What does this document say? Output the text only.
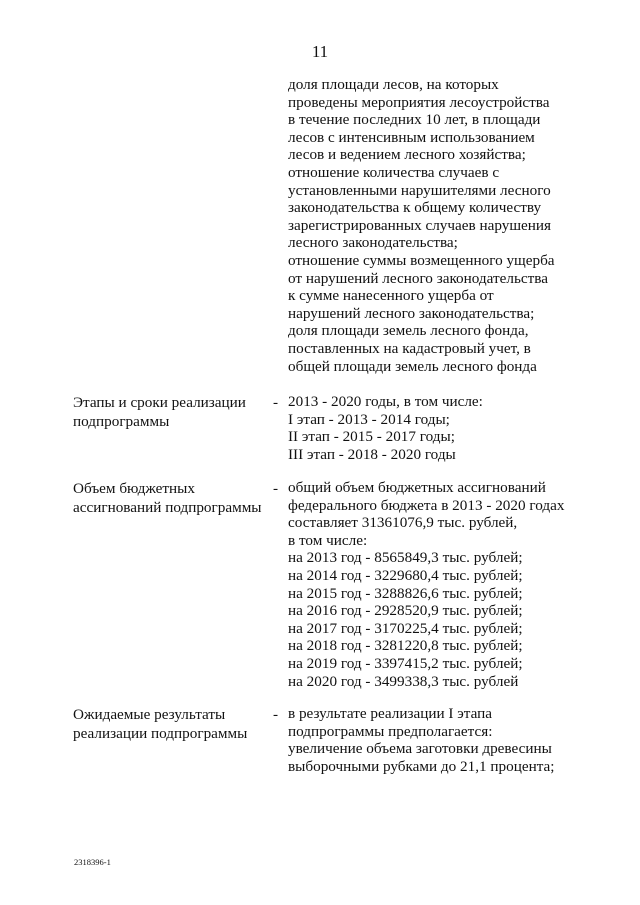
11
доля площади лесов, на которых
проведены мероприятия лесоустройства
в течение последних 10 лет, в площади
лесов с интенсивным использованием
лесов и ведением лесного хозяйства;
отношение количества случаев с
установленными нарушителями лесного
законодательства к общему количеству
зарегистрированных случаев нарушения
лесного законодательства;
отношение суммы возмещенного ущерба
от нарушений лесного законодательства
к сумме нанесенного ущерба от
нарушений лесного законодательства;
доля площади земель лесного фонда,
поставленных на кадастровый учет, в
общей площади земель лесного фонда
Этапы и сроки реализации
подпрограммы
- 2013 - 2020 годы, в том числе:
I этап - 2013 - 2014 годы;
II этап - 2015 - 2017 годы;
III этап - 2018 - 2020 годы
Объем бюджетных
ассигнований подпрограммы
- общий объем бюджетных ассигнований
федерального бюджета в 2013 - 2020 годах
составляет 31361076,9 тыс. рублей,
в том числе:
на 2013 год - 8565849,3 тыс. рублей;
на 2014 год - 3229680,4 тыс. рублей;
на 2015 год - 3288826,6 тыс. рублей;
на 2016 год - 2928520,9 тыс. рублей;
на 2017 год - 3170225,4 тыс. рублей;
на 2018 год - 3281220,8 тыс. рублей;
на 2019 год - 3397415,2 тыс. рублей;
на 2020 год - 3499338,3 тыс. рублей
Ожидаемые результаты
реализации подпрограммы
- в результате реализации I этапа
подпрограммы предполагается:
увеличение объема заготовки древесины
выборочными рубками до 21,1 процента;
2318396-1
